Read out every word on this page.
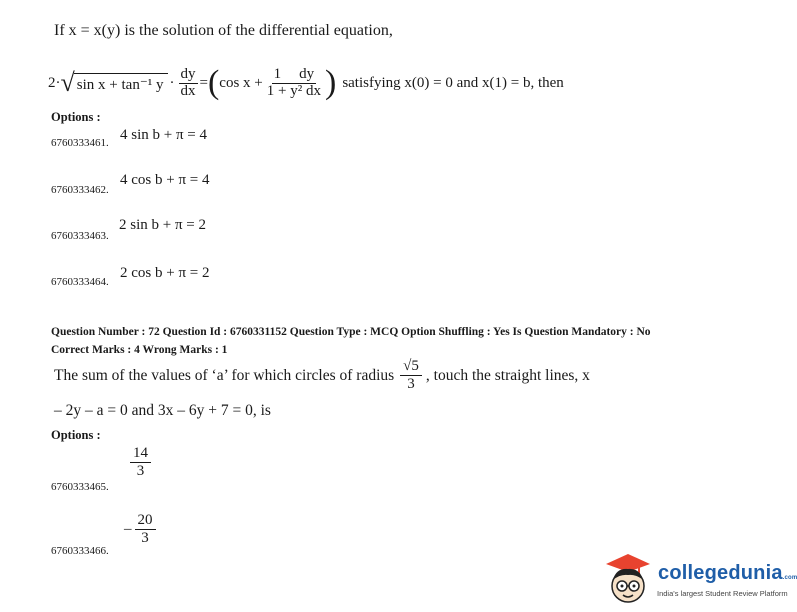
If x = x(y) is the solution of the differential equation,
2· √ sin x + tan⁻¹ $y \cdot \frac{dy}{dx}$ = ( $\cos x + \frac{1 dy}{\text{1 + y² dx}}$ ) satisfying x(0) = 0 and x(1) = b, then
Options :
4 sin b + π = 4
6760333461.
4 cos b + π = 4
6760333462.
2 sin b + π = 2
6760333463.
2 cos b + π = 2
6760333464.
Question Number : 72 Question Id : 6760331152 Question Type : MCQ Option Shuffling : Yes Is Question Mandatory : No
Correct Marks : 4 Wrong Marks : 1
The sum of the values of ‘a’ for which circles of radius $\frac{√5}{3}$ , touch the straight lines, x
– 2y – a = 0 and 3x – 6y + 7 = 0, is
Options :
$\frac{14}{3}$
6760333465.
– $\frac{20}{3}$
6760333466.
collegedunia.com
India's largest Student Review Platform
